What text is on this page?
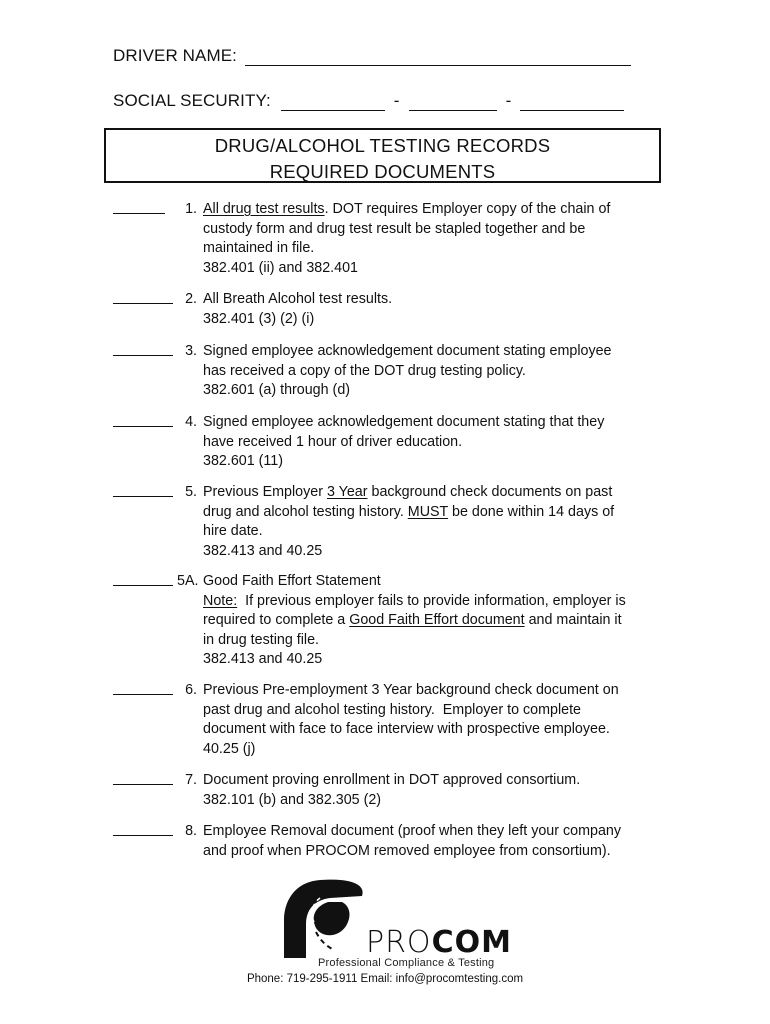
DRIVER NAME:
SOCIAL SECURITY:	-	-
DRUG/ALCOHOL TESTING RECORDS
REQUIRED DOCUMENTS
1. All drug test results. DOT requires Employer copy of the chain of
custody form and drug test result be stapled together and be
maintained in file.
382.401 (ii) and 382.401
2. All Breath Alcohol test results.
382.401 (3) (2) (i)
3. Signed employee acknowledgement document stating employee
has received a copy of the DOT drug testing policy.
382.601 (a) through (d)
4. Signed employee acknowledgement document stating that they
have received 1 hour of driver education.
382.601 (11)
5. Previous Employer 3 Year background check documents on past
drug and alcohol testing history. MUST be done within 14 days of
hire date.
382.413 and 40.25
5A. Good Faith Effort Statement
Note:  If previous employer fails to provide information, employer is
required to complete a Good Faith Effort document and maintain it
in drug testing file.
382.413 and 40.25
6. Previous Pre-employment 3 Year background check document on
past drug and alcohol testing history.  Employer to complete
document with face to face interview with prospective employee.
40.25 (j)
7. Document proving enrollment in DOT approved consortium.
382.101 (b) and 382.305 (2)
8. Employee Removal document (proof when they left your company
and proof when PROCOM removed employee from consortium).
PROCOM
Professional Compliance & Testing
Phone: 719-295-1911 Email: info@procomtesting.com
